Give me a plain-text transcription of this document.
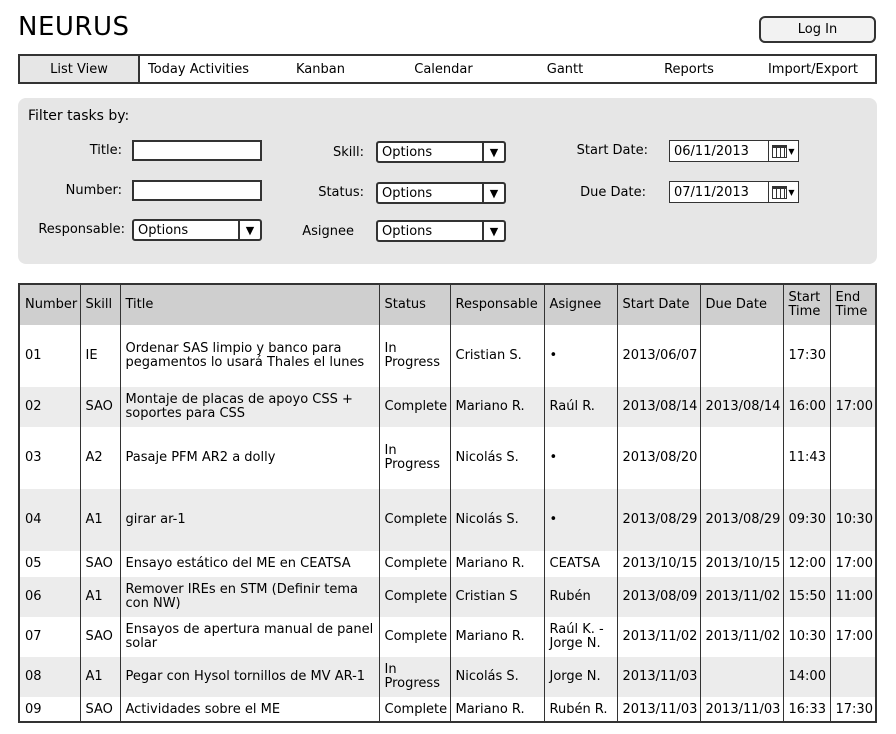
NEURUS	Log In
List View	Today Activities	Kanban	Calendar	Gantt	Reports	Import/Export
Filter tasks by:
Title:
Number:
Responsable:	Options	▼
Skill:	Options	▼
Status:	Options	▼
Asignee	Options	▼
Start Date:	06/11/2013	▼
Due Date:	07/11/2013	▼
Number	Skill	Title	Status	Responsable	Asignee	Start Date	Due Date	Start Time	End Time
01	IE	Ordenar SAS limpio y banco para pegamentos lo usará Thales el lunes	In Progress	Cristian S.	•	2013/06/07		17:30	
02	SAO	Montaje de placas de apoyo CSS + soportes para CSS	Complete	Mariano R.	Raúl R.	2013/08/14	2013/08/14	16:00	17:00
03	A2	Pasaje PFM AR2 a dolly	In Progress	Nicolás S.	•	2013/08/20		11:43	
04	A1	girar ar-1	Complete	Nicolás S.	•	2013/08/29	2013/08/29	09:30	10:30
05	SAO	Ensayo estático del ME en CEATSA	Complete	Mariano R.	CEATSA	2013/10/15	2013/10/15	12:00	17:00
06	A1	Remover IREs en STM (Definir tema con NW)	Complete	Cristian S	Rubén	2013/08/09	2013/11/02	15:50	11:00
07	SAO	Ensayos de apertura manual de panel solar	Complete	Mariano R.	Raúl K. - Jorge N.	2013/11/02	2013/11/02	10:30	17:00
08	A1	Pegar con Hysol tornillos de MV AR-1	In Progress	Nicolás S.	Jorge N.	2013/11/03		14:00	
09	SAO	Actividades sobre el ME	Complete	Mariano R.	Rubén R.	2013/11/03	2013/11/03	16:33	17:30
